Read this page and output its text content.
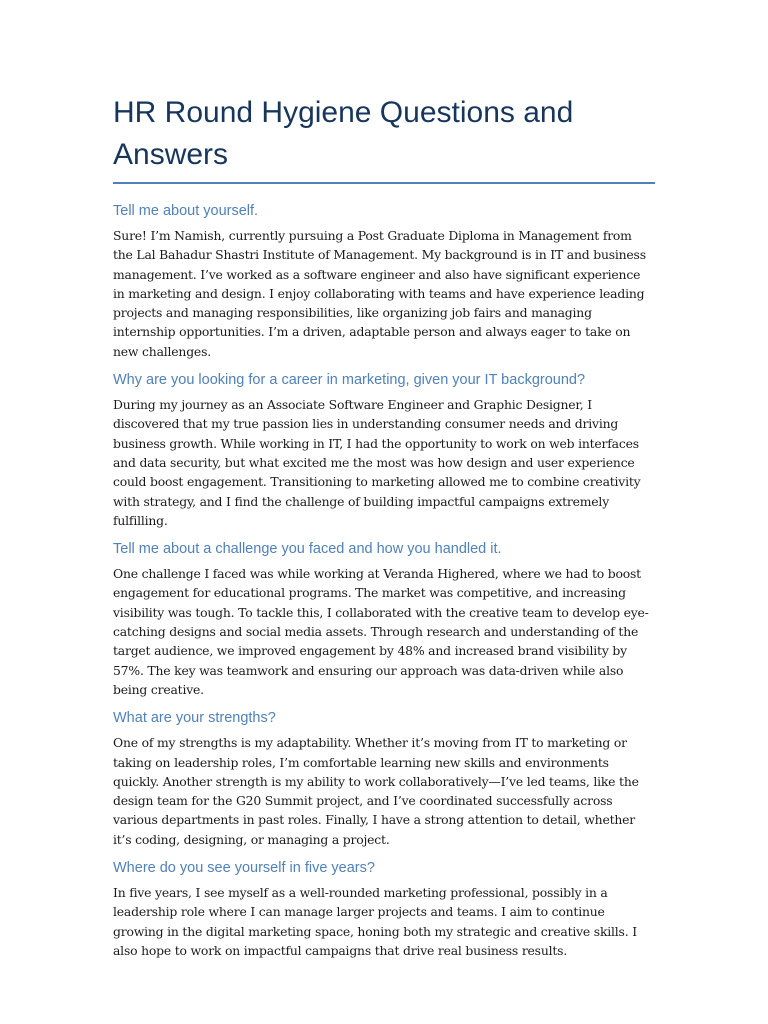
HR Round Hygiene Questions and Answers
Tell me about yourself.

Sure! I’m Namish, currently pursuing a Post Graduate Diploma in Management from the Lal Bahadur Shastri Institute of Management. My background is in IT and business management. I’ve worked as a software engineer and also have significant experience in marketing and design. I enjoy collaborating with teams and have experience leading projects and managing responsibilities, like organizing job fairs and managing internship opportunities. I’m a driven, adaptable person and always eager to take on new challenges.

Why are you looking for a career in marketing, given your IT background?

During my journey as an Associate Software Engineer and Graphic Designer, I discovered that my true passion lies in understanding consumer needs and driving business growth. While working in IT, I had the opportunity to work on web interfaces and data security, but what excited me the most was how design and user experience could boost engagement. Transitioning to marketing allowed me to combine creativity with strategy, and I find the challenge of building impactful campaigns extremely fulfilling.

Tell me about a challenge you faced and how you handled it.

One challenge I faced was while working at Veranda Highered, where we had to boost engagement for educational programs. The market was competitive, and increasing visibility was tough. To tackle this, I collaborated with the creative team to develop eye-catching designs and social media assets. Through research and understanding of the target audience, we improved engagement by 48% and increased brand visibility by 57%. The key was teamwork and ensuring our approach was data-driven while also being creative.

What are your strengths?

One of my strengths is my adaptability. Whether it’s moving from IT to marketing or taking on leadership roles, I’m comfortable learning new skills and environments quickly. Another strength is my ability to work collaboratively—I’ve led teams, like the design team for the G20 Summit project, and I’ve coordinated successfully across various departments in past roles. Finally, I have a strong attention to detail, whether it’s coding, designing, or managing a project.

Where do you see yourself in five years?

In five years, I see myself as a well-rounded marketing professional, possibly in a leadership role where I can manage larger projects and teams. I aim to continue growing in the digital marketing space, honing both my strategic and creative skills. I also hope to work on impactful campaigns that drive real business results.
